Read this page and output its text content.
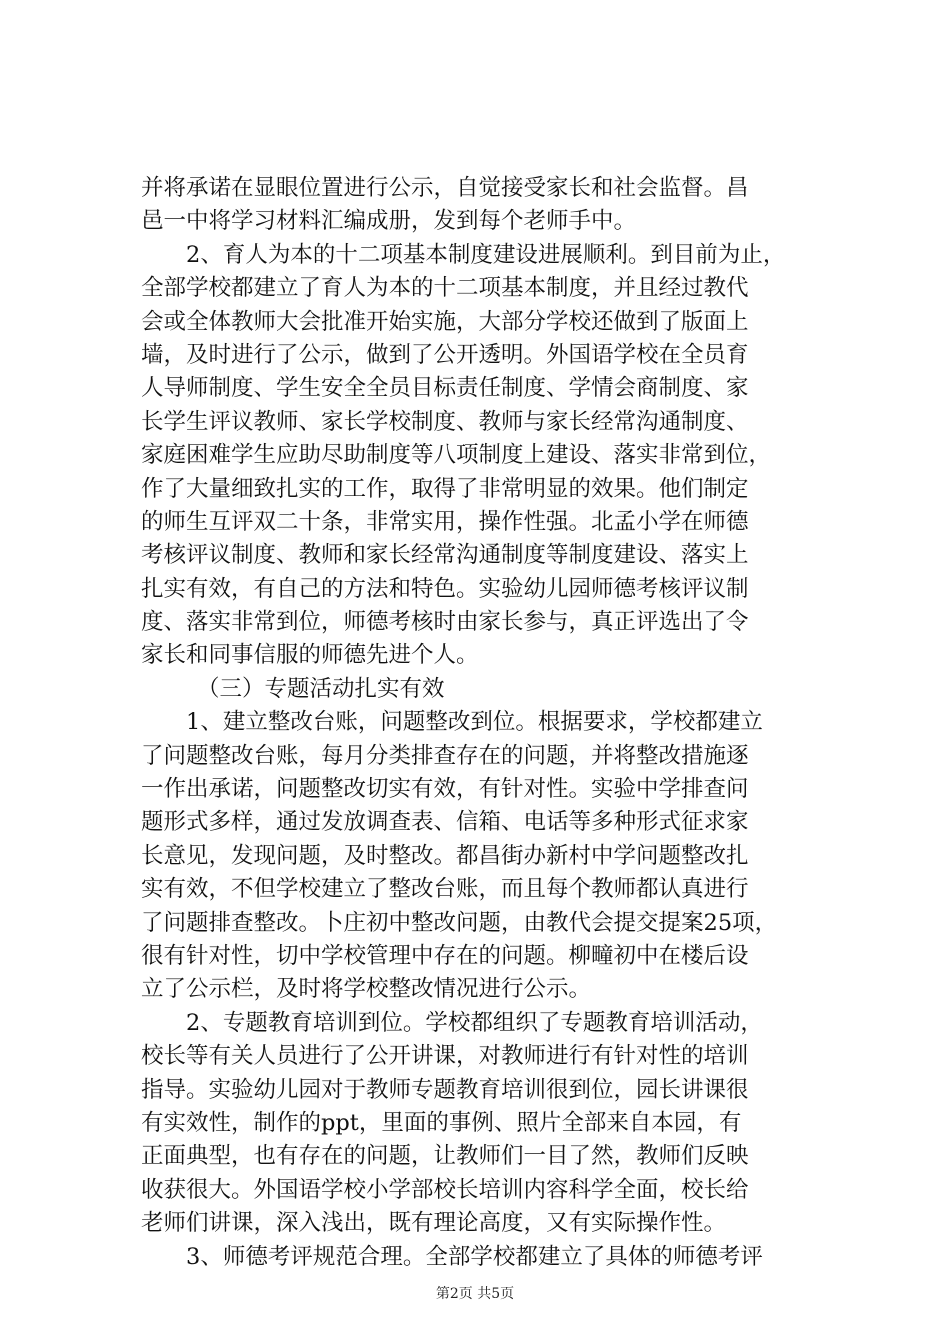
并将承诺在显眼位置进行公示，自觉接受家长和社会监督。昌
邑一中将学习材料汇编成册，发到每个老师手中。
2、育人为本的十二项基本制度建设进展顺利。到目前为止，
全部学校都建立了育人为本的十二项基本制度，并且经过教代
会或全体教师大会批准开始实施，大部分学校还做到了版面上
墙，及时进行了公示，做到了公开透明。外国语学校在全员育
人导师制度、学生安全全员目标责任制度、学情会商制度、家
长学生评议教师、家长学校制度、教师与家长经常沟通制度、
家庭困难学生应助尽助制度等八项制度上建设、落实非常到位，
作了大量细致扎实的工作，取得了非常明显的效果。他们制定
的师生互评双二十条，非常实用，操作性强。北孟小学在师德
考核评议制度、教师和家长经常沟通制度等制度建设、落实上
扎实有效，有自己的方法和特色。实验幼儿园师德考核评议制
度、落实非常到位，师德考核时由家长参与，真正评选出了令
家长和同事信服的师德先进个人。
（三）专题活动扎实有效
1、建立整改台账，问题整改到位。根据要求，学校都建立
了问题整改台账，每月分类排查存在的问题，并将整改措施逐
一作出承诺，问题整改切实有效，有针对性。实验中学排查问
题形式多样，通过发放调查表、信箱、电话等多种形式征求家
长意见，发现问题，及时整改。都昌街办新村中学问题整改扎
实有效，不但学校建立了整改台账，而且每个教师都认真进行
了问题排查整改。卜庄初中整改问题，由教代会提交提案25项，
很有针对性，切中学校管理中存在的问题。柳疃初中在楼后设
立了公示栏，及时将学校整改情况进行公示。
2、专题教育培训到位。学校都组织了专题教育培训活动，
校长等有关人员进行了公开讲课，对教师进行有针对性的培训
指导。实验幼儿园对于教师专题教育培训很到位，园长讲课很
有实效性，制作的ppt，里面的事例、照片全部来自本园，有
正面典型，也有存在的问题，让教师们一目了然，教师们反映
收获很大。外国语学校小学部校长培训内容科学全面，校长给
老师们讲课，深入浅出，既有理论高度，又有实际操作性。
3、师德考评规范合理。全部学校都建立了具体的师德考评
第2页 共5页
